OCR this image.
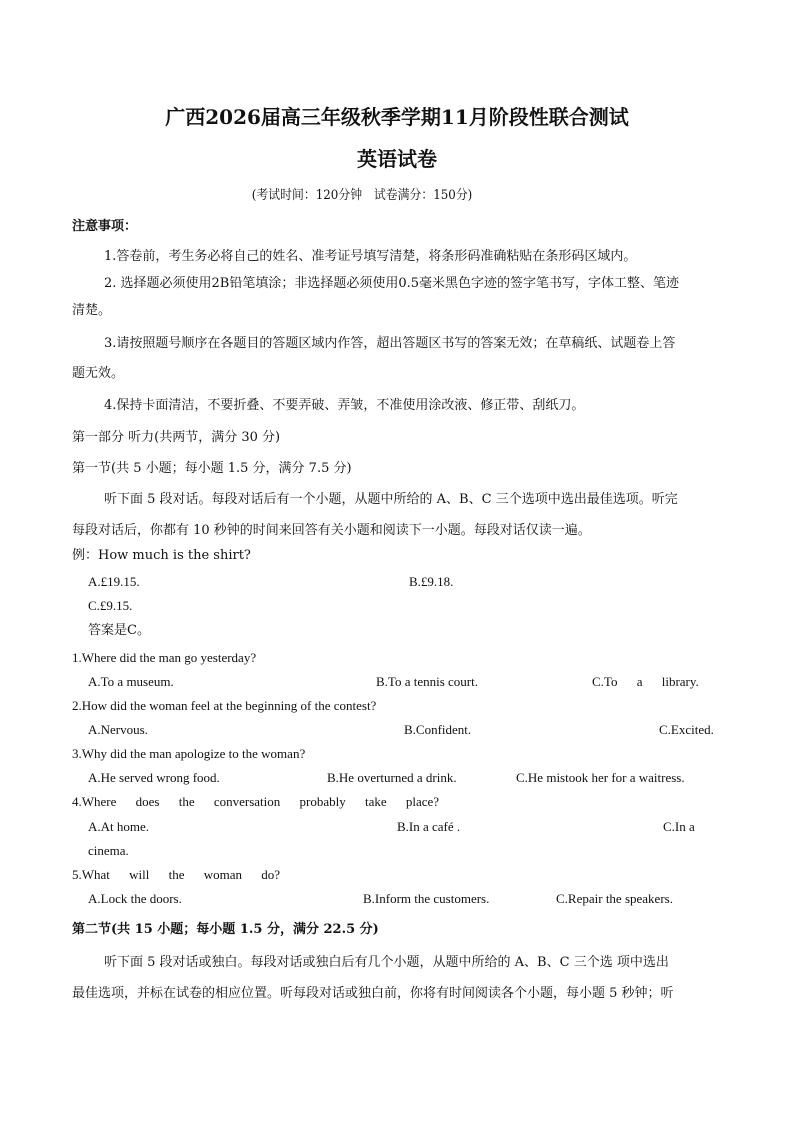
广西2026届高三年级秋季学期11月阶段性联合测试
英语试卷
(考试时间：120分钟　试卷满分：150分)
注意事项：
1.答卷前，考生务必将自己的姓名、准考证号填写清楚，将条形码准确粘贴在条形码区域内。
2. 选择题必须使用2B铅笔填涂；非选择题必须使用0.5毫米黑色字迹的签字笔书写，字体工整、笔迹
清楚。
3.请按照题号顺序在各题目的答题区域内作答，超出答题区书写的答案无效；在草稿纸、试题卷上答
题无效。
4.保持卡面清洁，不要折叠、不要弄破、弄皱，不准使用涂改液、修正带、刮纸刀。
第一部分 听力(共两节，满分 30 分)
第一节(共 5 小题；每小题 1.5 分，满分 7.5 分)
听下面 5 段对话。每段对话后有一个小题，从题中所给的 A、B、C 三个选项中选出最佳选项。听完
每段对话后，你都有 10 秒钟的时间来回答有关小题和阅读下一小题。每段对话仅读一遍。
例：How much is the shirt?
A.£19.15.	B.£9.18.
C.£9.15.
答案是C。
1.Where did the man go yesterday?
A.To a museum.	B.To a tennis court.	C.To a library.
2.How did the woman feel at the beginning of the contest?
A.Nervous.	B.Confident.	C.Excited.
3.Why did the man apologize to the woman?
A.He served wrong food.	B.He overturned a drink.	C.He mistook her for a waitress.
4.Where does the conversation probably take place?
A.At home.	B.In a café .	C.In a
cinema.
5.What will the woman do?
A.Lock the doors.	B.Inform the customers.	C.Repair the speakers.
第二节(共 15 小题；每小题 1.5 分，满分 22.5 分)
听下面 5 段对话或独白。每段对话或独白后有几个小题，从题中所给的 A、B、C 三个选 项中选出
最佳选项，并标在试卷的相应位置。听每段对话或独白前，你将有时间阅读各个小题，每小题 5 秒钟；听
